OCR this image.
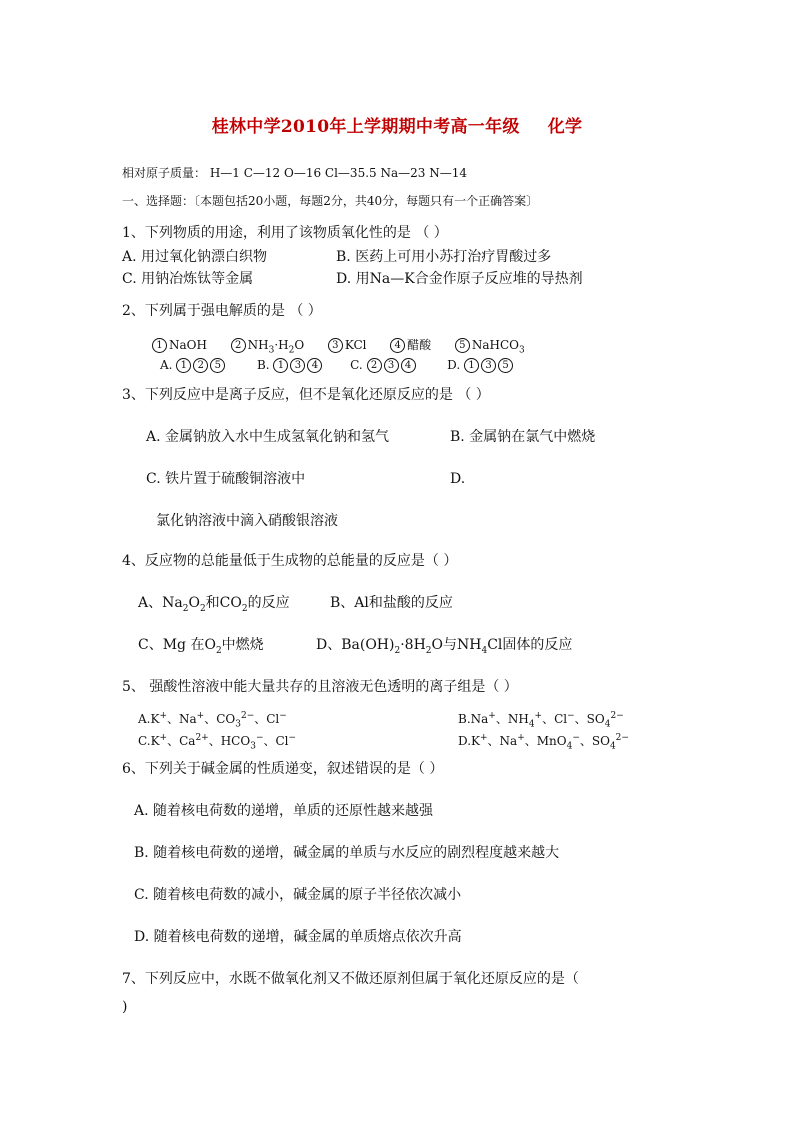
桂林中学2010年上学期期中考高一年级 化学
相对原子质量： H—1 C—12 O—16 Cl—35.5 Na—23 N—14
一、选择题：〔本题包括20小题，每题2分，共40分，每题只有一个正确答案〕
1、下列物质的用途，利用了该物质氧化性的是 （ ）
A. 用过氧化钠漂白织物	B. 医药上可用小苏打治疗胃酸过多
C. 用钠冶炼钛等金属	D. 用Na—K合金作原子反应堆的导热剂
2、下列属于强电解质的是 （ ）
1 NaOH	2 $NH_3\cdot H_2O$	3 KCl	4 醋酸	5 NaHCO$_3$
A. 1 2 5	B. 1 3 4	C. 2 3 4	D. 1 3 5
3、下列反应中是离子反应，但不是氧化还原反应的是 （ ）
A. 金属钠放入水中生成氢氧化钠和氢气	B. 金属钠在氯气中燃烧
C. 铁片置于硫酸铜溶液中	D.
氯化钠溶液中滴入硝酸银溶液
4、反应物的总能量低于生成物的总能量的反应是（ ）
A、$Na_2O_2$和$CO_2$的反应	B、Al和盐酸的反应
C、Mg 在$O_2$中燃烧	D、$Ba(OH)_2\cdot 8H_2O$与$NH_4Cl$固体的反应
5、 强酸性溶液中能大量共存的且溶液无色透明的离子组是（ ）
A.K+、Na+、$CO_3^{2-}$、Cl−	B.Na+、$NH_4^+$、Cl−、$SO_4^{2-}$
C.K+、$Ca^{2+}$、$HCO_3^-$、Cl−	D.K+、Na+、MnO$_4$−、$SO_4^{2-}$
6、下列关于碱金属的性质递变，叙述错误的是（ ）
A. 随着核电荷数的递增，单质的还原性越来越强
B. 随着核电荷数的递增，碱金属的单质与水反应的剧烈程度越来越大
C. 随着核电荷数的减小，碱金属的原子半径依次减小
D. 随着核电荷数的递增，碱金属的单质熔点依次升高
7、下列反应中，水既不做氧化剂又不做还原剂但属于氧化还原反应的是（
)
